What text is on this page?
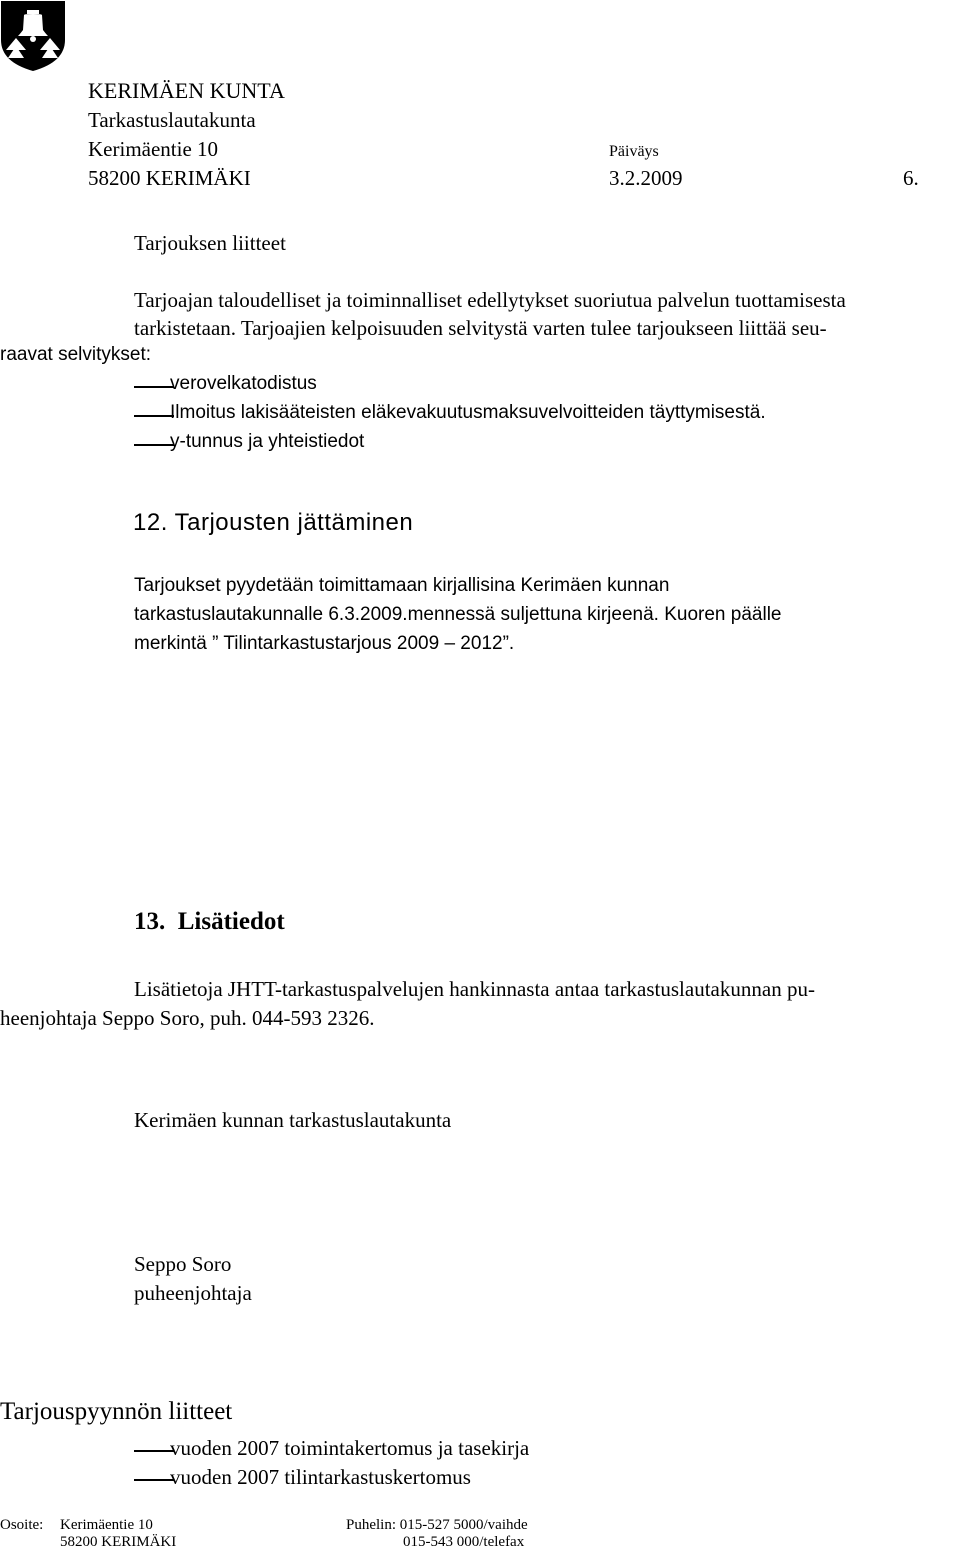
KERIMÄEN KUNTA
Tarkastuslautakunta
Kerimäentie 10
58200 KERIMÄKI
Päiväys
3.2.2009	6.
Tarjouksen liitteet
Tarjoajan taloudelliset ja toiminnalliset edellytykset suoriutua palvelun tuottamisesta
tarkistetaan. Tarjoajien kelpoisuuden selvitystä varten tulee tarjoukseen liittää seu-
raavat selvitykset:
verovelkatodistus
Ilmoitus lakisääteisten eläkevakuutusmaksuvelvoitteiden täyttymisestä.
y-tunnus ja yhteistiedot
12. Tarjousten jättäminen
Tarjoukset pyydetään toimittamaan kirjallisina Kerimäen kunnan
tarkastuslautakunnalle 6.3.2009.mennessä suljettuna kirjeenä. Kuoren päälle
merkintä ” Tilintarkastustarjous 2009 – 2012”.
13.  Lisätiedot
Lisätietoja JHTT-tarkastuspalvelujen hankinnasta antaa tarkastuslautakunnan pu-
heenjohtaja Seppo Soro, puh. 044-593 2326.
Kerimäen kunnan tarkastuslautakunta
Seppo Soro
puheenjohtaja
Tarjouspyynnön liitteet
vuoden 2007 toimintakertomus ja tasekirja
vuoden 2007 tilintarkastuskertomus
Osoite: Kerimäentie 10
58200 KERIMÄKI
Puhelin: 015-527 5000/vaihde
015-543 000/telefax
